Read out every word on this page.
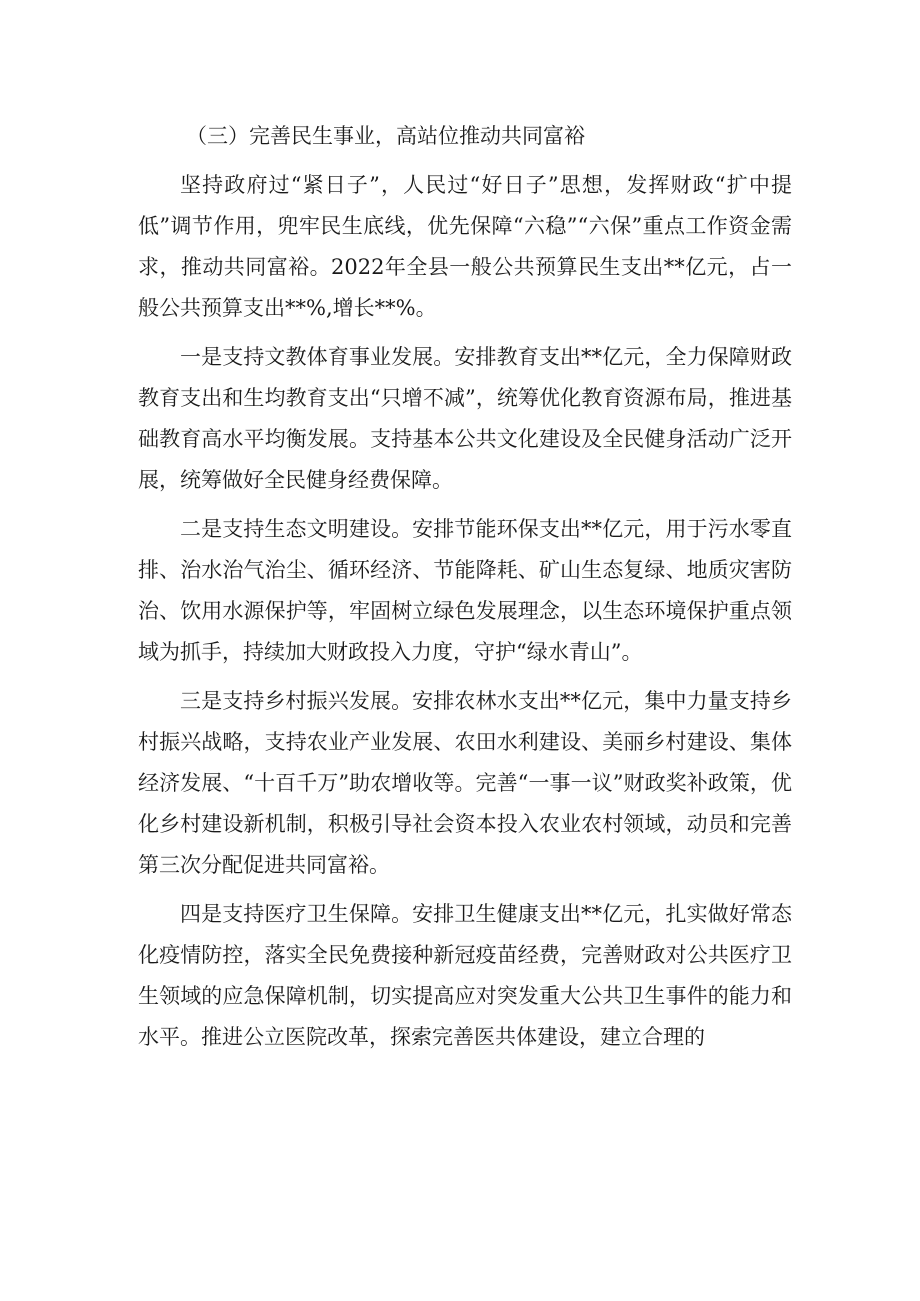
（三）完善民生事业，高站位推动共同富裕

坚持政府过“紧日子”，人民过“好日子”思想，发挥财政“扩中提低”调节作用，兜牢民生底线，优先保障“六稳”“六保”重点工作资金需求，推动共同富裕。2022年全县一般公共预算民生支出**亿元，占一般公共预算支出**%,增长**%。

一是支持文教体育事业发展。安排教育支出**亿元，全力保障财政教育支出和生均教育支出“只增不减”，统筹优化教育资源布局，推进基础教育高水平均衡发展。支持基本公共文化建设及全民健身活动广泛开展，统筹做好全民健身经费保障。

二是支持生态文明建设。安排节能环保支出**亿元，用于污水零直排、治水治气治尘、循环经济、节能降耗、矿山生态复绿、地质灾害防治、饮用水源保护等，牢固树立绿色发展理念，以生态环境保护重点领域为抓手，持续加大财政投入力度，守护“绿水青山”。

三是支持乡村振兴发展。安排农林水支出**亿元，集中力量支持乡村振兴战略，支持农业产业发展、农田水利建设、美丽乡村建设、集体经济发展、“十百千万”助农增收等。完善“一事一议”财政奖补政策，优化乡村建设新机制，积极引导社会资本投入农业农村领域，动员和完善第三次分配促进共同富裕。

四是支持医疗卫生保障。安排卫生健康支出**亿元，扎实做好常态化疫情防控，落实全民免费接种新冠疫苗经费，完善财政对公共医疗卫生领域的应急保障机制，切实提高应对突发重大公共卫生事件的能力和水平。推进公立医院改革，探索完善医共体建设，建立合理的
